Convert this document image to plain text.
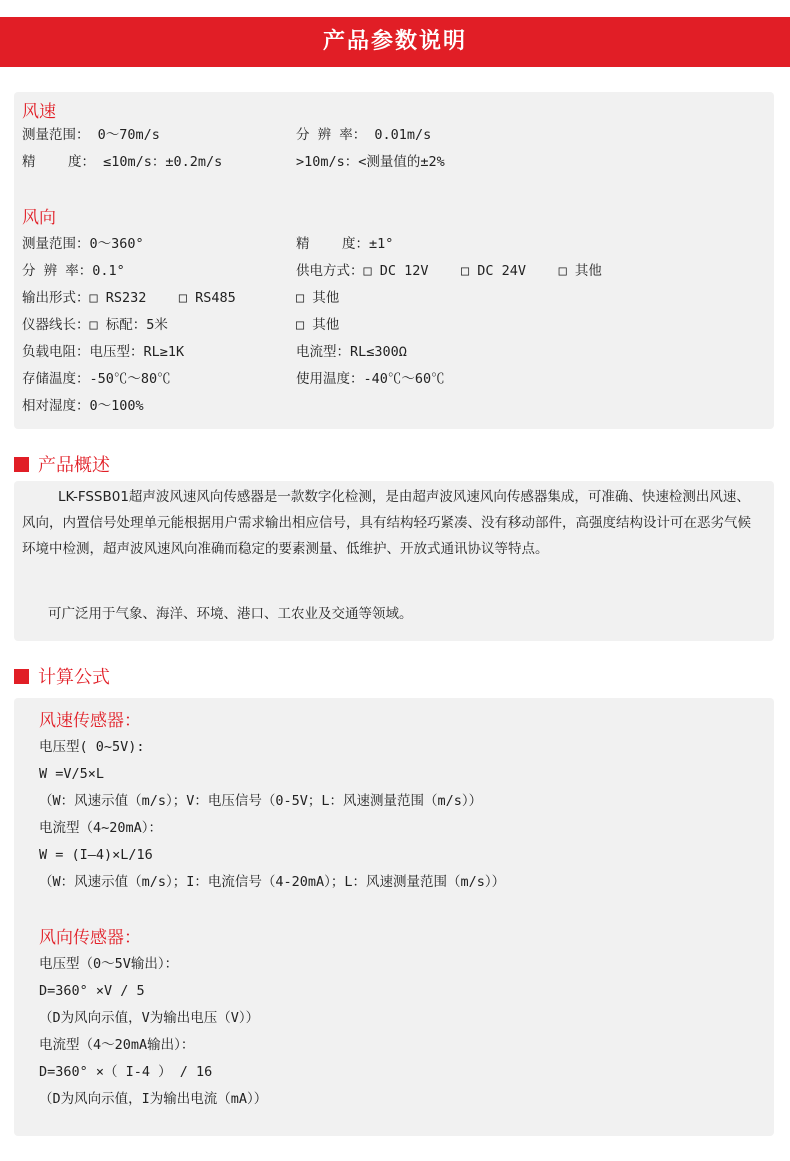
产品参数说明
风速
测量范围： 0～70m/s	分 辨 率： 0.01m/s
精    度： ≤10m/s：±0.2m/s	>10m/s：<测量值的±2%
风向
测量范围：0～360°	精    度：±1°
分 辨 率：0.1°	供电方式：□ DC 12V    □ DC 24V    □ 其他
输出形式：□ RS232    □ RS485	□ 其他
仪器线长：□ 标配：5米	□ 其他
负载电阻：电压型：RL≥1K	电流型：RL≤300Ω
存储温度：-50℃～80℃	使用温度：-40℃～60℃
相对湿度：0～100%
产品概述
LK-FSSB01超声波风速风向传感器是一款数字化检测，是由超声波风速风向传感器集成，可准确、快速检测出风速、风向，内置信号处理单元能根据用户需求输出相应信号，具有结构轻巧紧凑、没有移动部件，高强度结构设计可在恶劣气候环境中检测，超声波风速风向准确而稳定的要素测量、低维护、开放式通讯协议等特点。
可广泛用于气象、海洋、环境、港口、工农业及交通等领域。
计算公式
风速传感器：
电压型( 0~5V):
W =V/5×L
（W：风速示值（m/s）；V：电压信号（0-5V；L：风速测量范围（m/s））
电流型（4~20mA）：
W = (I—4)×L/16
（W：风速示值（m/s）；I：电流信号（4-20mA）；L：风速测量范围（m/s））
风向传感器：
电压型（0～5V输出）：
D=360° ×V / 5
（D为风向示值，V为输出电压（V））
电流型（4～20mA输出）：
D=360° ×（ I-4 ） / 16
（D为风向示值，I为输出电流（mA））
